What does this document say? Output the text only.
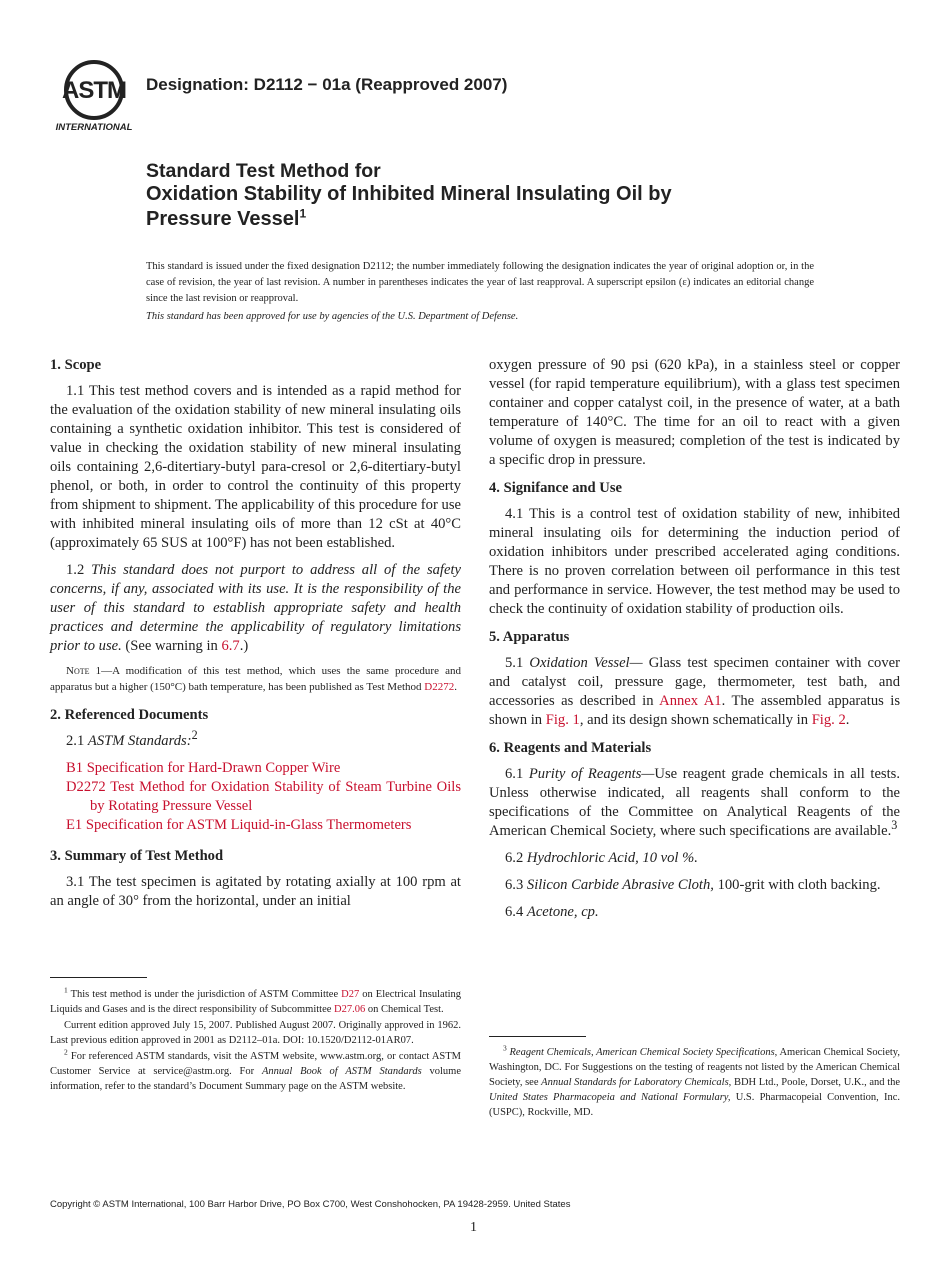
ASTM
INTERNATIONAL
Designation: D2112 − 01a (Reapproved 2007)
Standard Test Method for
Oxidation Stability of Inhibited Mineral Insulating Oil by
Pressure Vessel$^1$
This standard is issued under the fixed designation D2112; the number immediately following the designation indicates the year of original adoption or, in the case of revision, the year of last revision. A number in parentheses indicates the year of last reapproval. A superscript epsilon (ε) indicates an editorial change since the last revision or reapproval.
This standard has been approved for use by agencies of the U.S. Department of Defense.
1. Scope

1.1 This test method covers and is intended as a rapid method for the evaluation of the oxidation stability of new mineral insulating oils containing a synthetic oxidation inhibitor. This test is considered of value in checking the oxidation stability of new mineral insulating oils containing 2,6-ditertiary-butyl para-cresol or 2,6-ditertiary-butyl phenol, or both, in order to control the continuity of this property from shipment to shipment. The applicability of this procedure for use with inhibited mineral insulating oils of more than 12 cSt at 40°C (approximately 65 SUS at 100°F) has not been established.

1.2 This standard does not purport to address all of the safety concerns, if any, associated with its use. It is the responsibility of the user of this standard to establish appropriate safety and health practices and determine the applicability of regulatory limitations prior to use. (See warning in 6.7.)

Note 1—A modification of this test method, which uses the same procedure and apparatus but a higher (150°C) bath temperature, has been published as Test Method D2272.
2. Referenced Documents

2.1 ASTM Standards:$^2$

B1 Specification for Hard-Drawn Copper Wire

D2272 Test Method for Oxidation Stability of Steam Turbine Oils by Rotating Pressure Vessel

E1 Specification for ASTM Liquid-in-Glass Thermometers

3. Summary of Test Method

3.1 The test specimen is agitated by rotating axially at 100 rpm at an angle of 30° from the horizontal, under an initial

$^1$ This test method is under the jurisdiction of ASTM Committee D27 on Electrical Insulating Liquids and Gases and is the direct responsibility of Subcommittee D27.06 on Chemical Test.

Current edition approved July 15, 2007. Published August 2007. Originally approved in 1962. Last previous edition approved in 2001 as D2112–01a. DOI: 10.1520/D2112-01AR07.

$^2$ For referenced ASTM standards, visit the ASTM website, www.astm.org, or contact ASTM Customer Service at service@astm.org. For Annual Book of ASTM Standards volume information, refer to the standard’s Document Summary page on the ASTM website.

oxygen pressure of 90 psi (620 kPa), in a stainless steel or copper vessel (for rapid temperature equilibrium), with a glass test specimen container and copper catalyst coil, in the presence of water, at a bath temperature of 140°C. The time for an oil to react with a given volume of oxygen is measured; completion of the test is indicated by a specific drop in pressure.

4. Signifance and Use

4.1 This is a control test of oxidation stability of new, inhibited mineral insulating oils for determining the induction period of oxidation inhibitors under prescribed accelerated aging conditions. There is no proven correlation between oil performance in this test and performance in service. However, the test method may be used to check the continuity of oxidation stability of production oils.

5. Apparatus

5.1 Oxidation Vessel— Glass test specimen container with cover and catalyst coil, pressure gage, thermometer, test bath, and accessories as described in Annex A1. The assembled apparatus is shown in Fig. 1, and its design shown schematically in Fig. 2.

6. Reagents and Materials

6.1 Purity of Reagents—Use reagent grade chemicals in all tests. Unless otherwise indicated, all reagents shall conform to the specifications of the Committee on Analytical Reagents of the American Chemical Society, where such specifications are available.$^3$

6.2 Hydrochloric Acid, 10 vol %.

6.3 Silicon Carbide Abrasive Cloth, 100-grit with cloth backing.

6.4 Acetone, cp.

$^3$ Reagent Chemicals, American Chemical Society Specifications, American Chemical Society, Washington, DC. For Suggestions on the testing of reagents not listed by the American Chemical Society, see Annual Standards for Laboratory Chemicals, BDH Ltd., Poole, Dorset, U.K., and the United States Pharmacopeia and National Formulary, U.S. Pharmacopeial Convention, Inc. (USPC), Rockville, MD.

Copyright © ASTM International, 100 Barr Harbor Drive, PO Box C700, West Conshohocken, PA 19428-2959. United States
1
